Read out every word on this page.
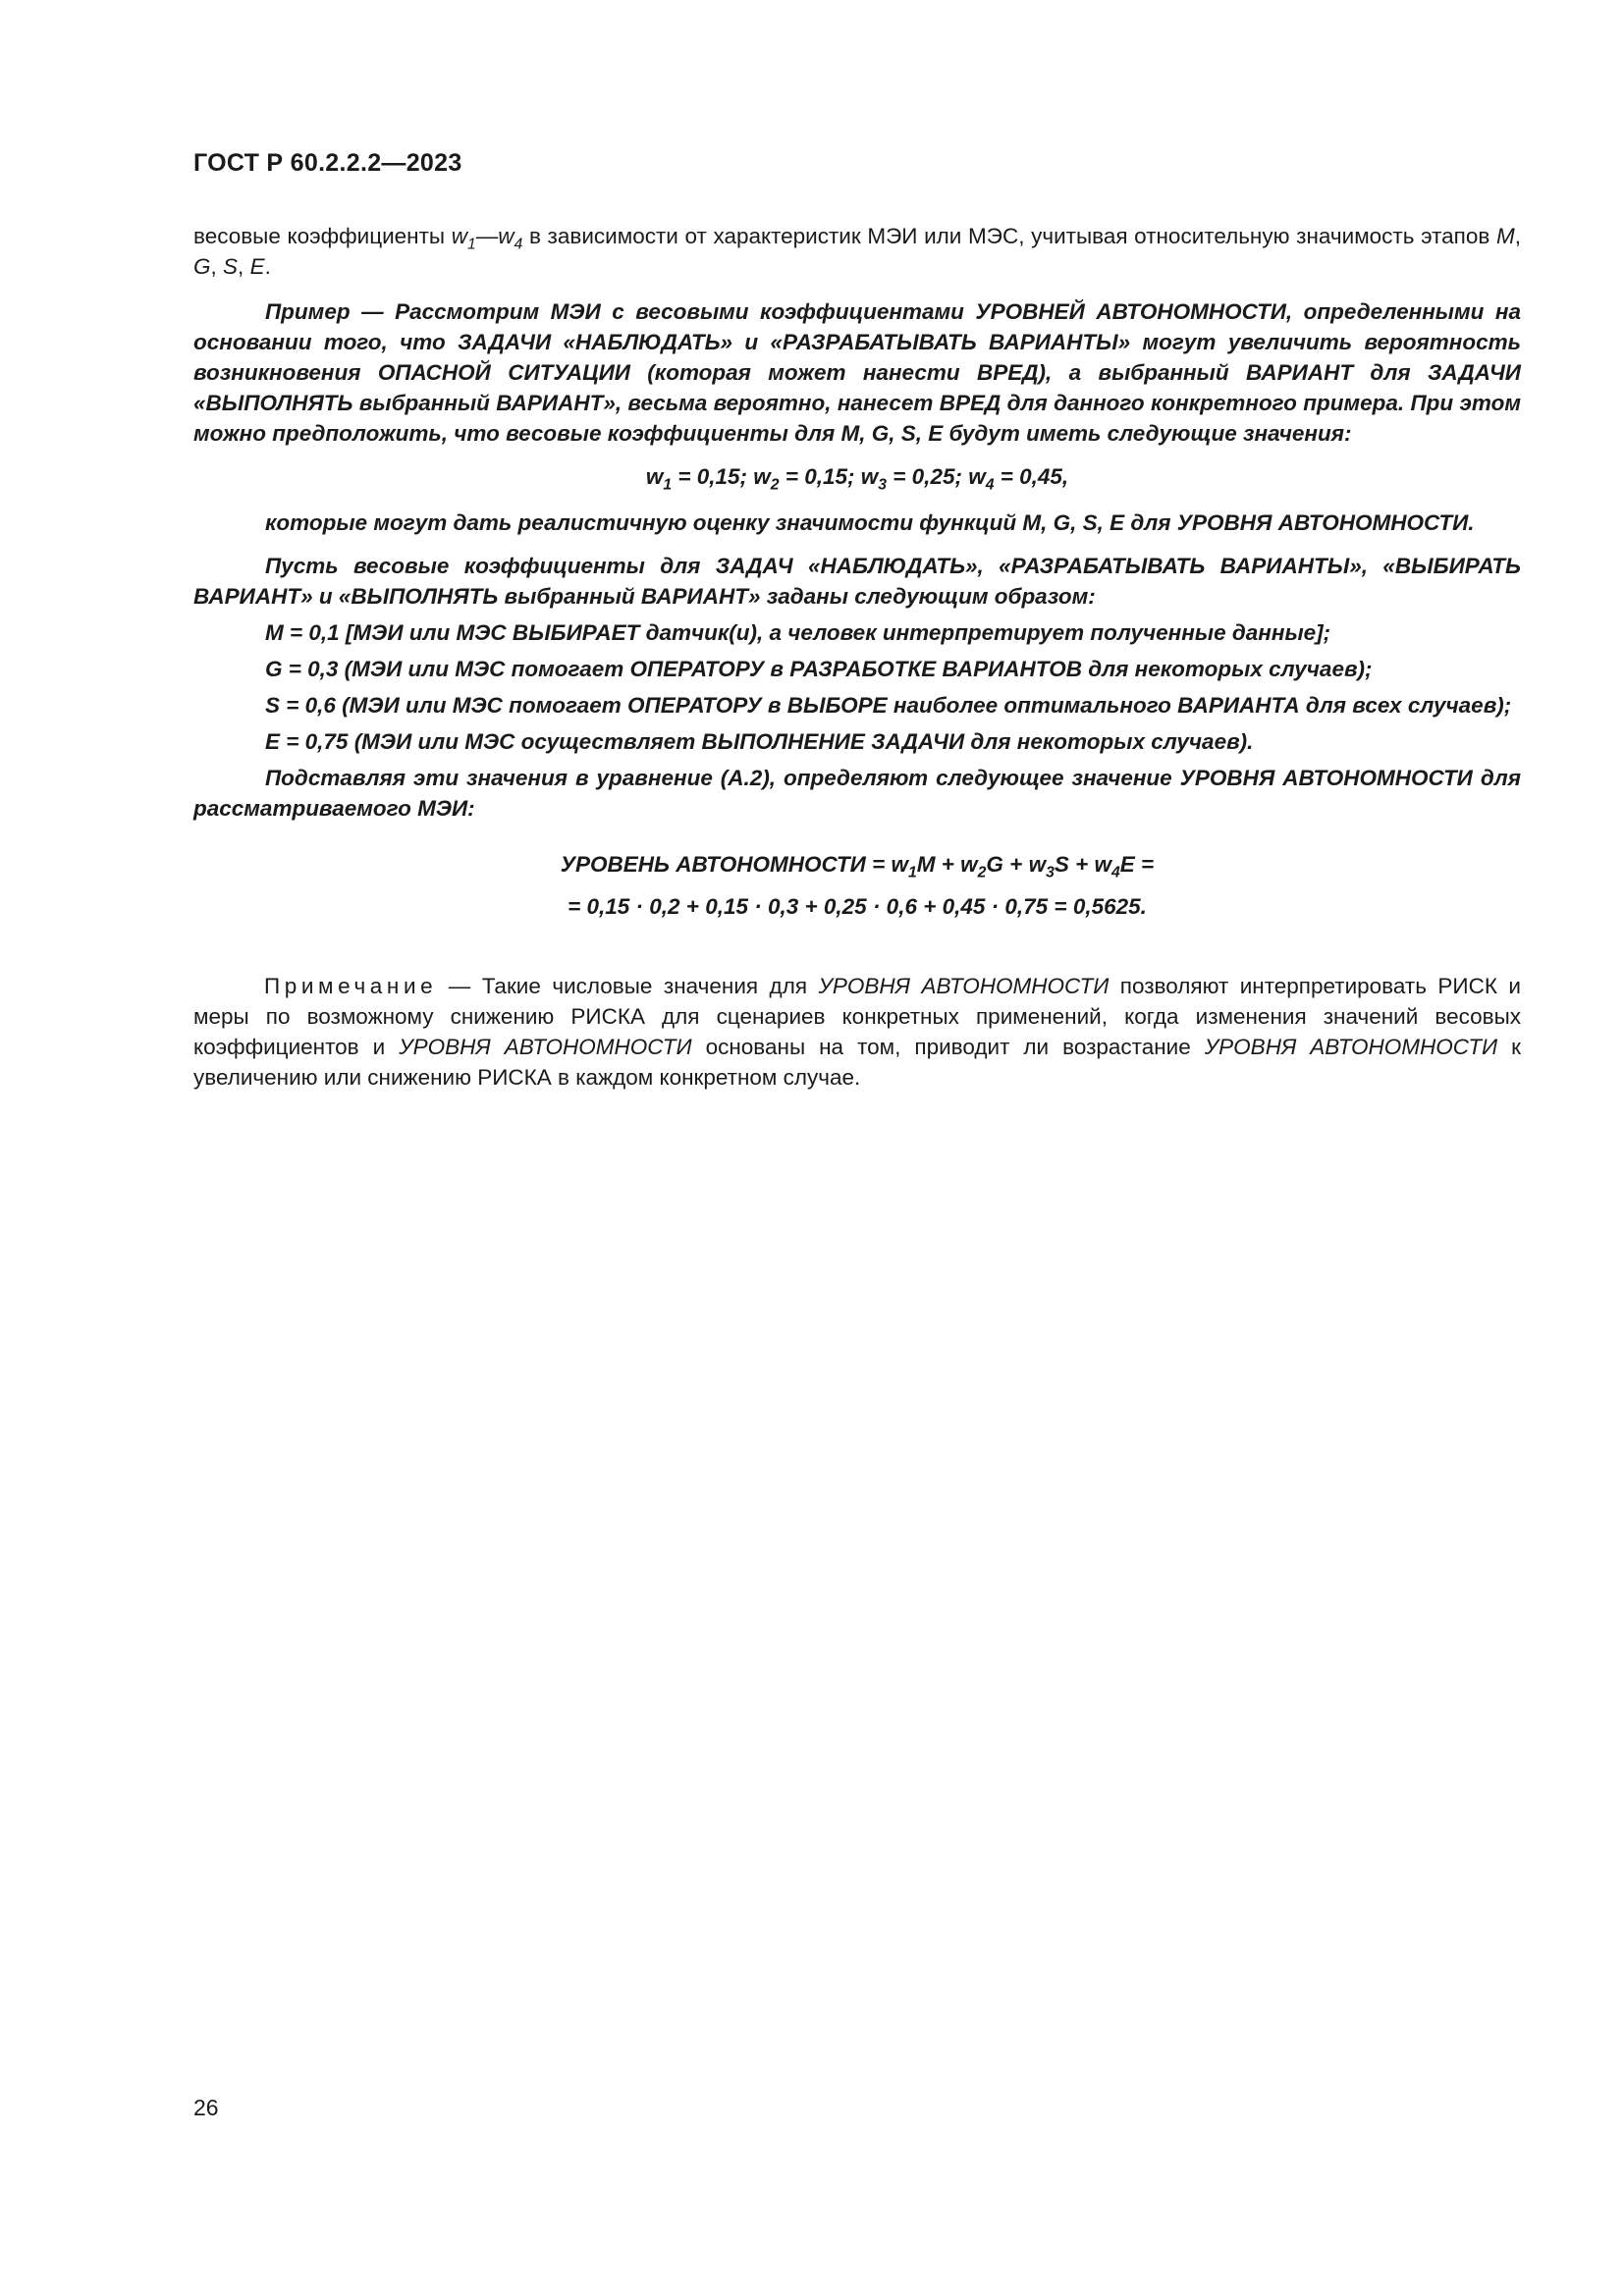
ГОСТ Р 60.2.2.2—2023

весовые коэффициенты $w_1—w_4$ в зависимости от характеристик МЭИ или МЭС, учитывая относительную значимость этапов M, G, S, E.

Пример — Рассмотрим МЭИ с весовыми коэффициентами УРОВНЕЙ АВТОНОМНОСТИ, определенными на основании того, что ЗАДАЧИ «НАБЛЮДАТЬ» и «РАЗРАБАТЫВАТЬ ВАРИАНТЫ» могут увеличить вероятность возникновения ОПАСНОЙ СИТУАЦИИ (которая может нанести ВРЕД), а выбранный ВАРИАНТ для ЗАДАЧИ «ВЫПОЛНЯТЬ выбранный ВАРИАНТ», весьма вероятно, нанесет ВРЕД для данного конкретного примера. При этом можно предположить, что весовые коэффициенты для M, G, S, E будут иметь следующие значения:

$w_1 = 0,15$; $w_2 = 0,15$; $w_3 = 0,25$; $w_4 = 0,45$,

которые могут дать реалистичную оценку значимости функций M, G, S, E для УРОВНЯ АВТОНОМНОСТИ.

Пусть весовые коэффициенты для ЗАДАЧ «НАБЛЮДАТЬ», «РАЗРАБАТЫВАТЬ ВАРИАНТЫ», «ВЫБИРАТЬ ВАРИАНТ» и «ВЫПОЛНЯТЬ выбранный ВАРИАНТ» заданы следующим образом:

M = 0,1 [МЭИ или МЭС ВЫБИРАЕТ датчик(и), а человек интерпретирует полученные данные];

G = 0,3 (МЭИ или МЭС помогает ОПЕРАТОРУ в РАЗРАБОТКЕ ВАРИАНТОВ для некоторых случаев);

S = 0,6 (МЭИ или МЭС помогает ОПЕРАТОРУ в ВЫБОРЕ наиболее оптимального ВАРИАНТА для всех случаев);

E = 0,75 (МЭИ или МЭС осуществляет ВЫПОЛНЕНИЕ ЗАДАЧИ для некоторых случаев).

Подставляя эти значения в уравнение (A.2), определяют следующее значение УРОВНЯ АВТОНОМНОСТИ для рассматриваемого МЭИ:

УРОВЕНЬ АВТОНОМНОСТИ = $w_1M + w_2G + w_3S + w_4E$ =

= 0,15 · 0,2 + 0,15 · 0,3 + 0,25 · 0,6 + 0,45 · 0,75 = 0,5625.

Примечание — Такие числовые значения для УРОВНЯ АВТОНОМНОСТИ позволяют интерпретировать РИСК и меры по возможному снижению РИСКА для сценариев конкретных применений, когда изменения значений весовых коэффициентов и УРОВНЯ АВТОНОМНОСТИ основаны на том, приводит ли возрастание УРОВНЯ АВТОНОМНОСТИ к увеличению или снижению РИСКА в каждом конкретном случае.

26
